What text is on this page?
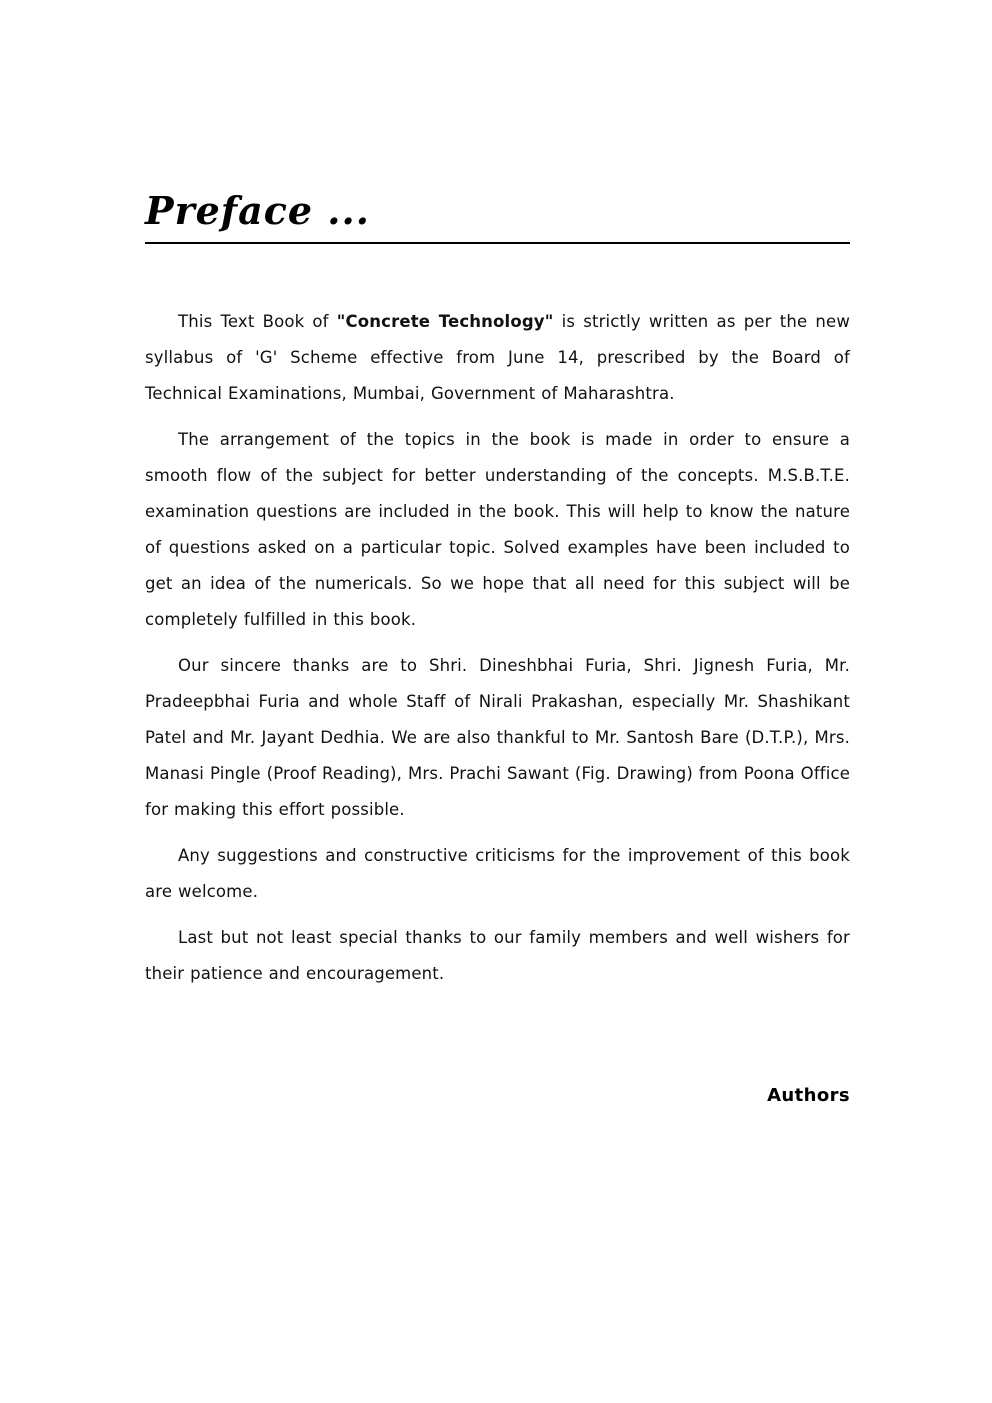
Preface ...

This Text Book of "Concrete Technology" is strictly written as per the new syllabus of 'G' Scheme effective from June 14, prescribed by the Board of Technical Examinations, Mumbai, Government of Maharashtra.

The arrangement of the topics in the book is made in order to ensure a smooth flow of the subject for better understanding of the concepts. M.S.B.T.E. examination questions are included in the book. This will help to know the nature of questions asked on a particular topic. Solved examples have been included to get an idea of the numericals. So we hope that all need for this subject will be completely fulfilled in this book.

Our sincere thanks are to Shri. Dineshbhai Furia, Shri. Jignesh Furia, Mr. Pradeepbhai Furia and whole Staff of Nirali Prakashan, especially Mr. Shashikant Patel and Mr. Jayant Dedhia. We are also thankful to Mr. Santosh Bare (D.T.P.), Mrs. Manasi Pingle (Proof Reading), Mrs. Prachi Sawant (Fig. Drawing) from Poona Office for making this effort possible.

Any suggestions and constructive criticisms for the improvement of this book are welcome.

Last but not least special thanks to our family members and well wishers for their patience and encouragement.

Authors
